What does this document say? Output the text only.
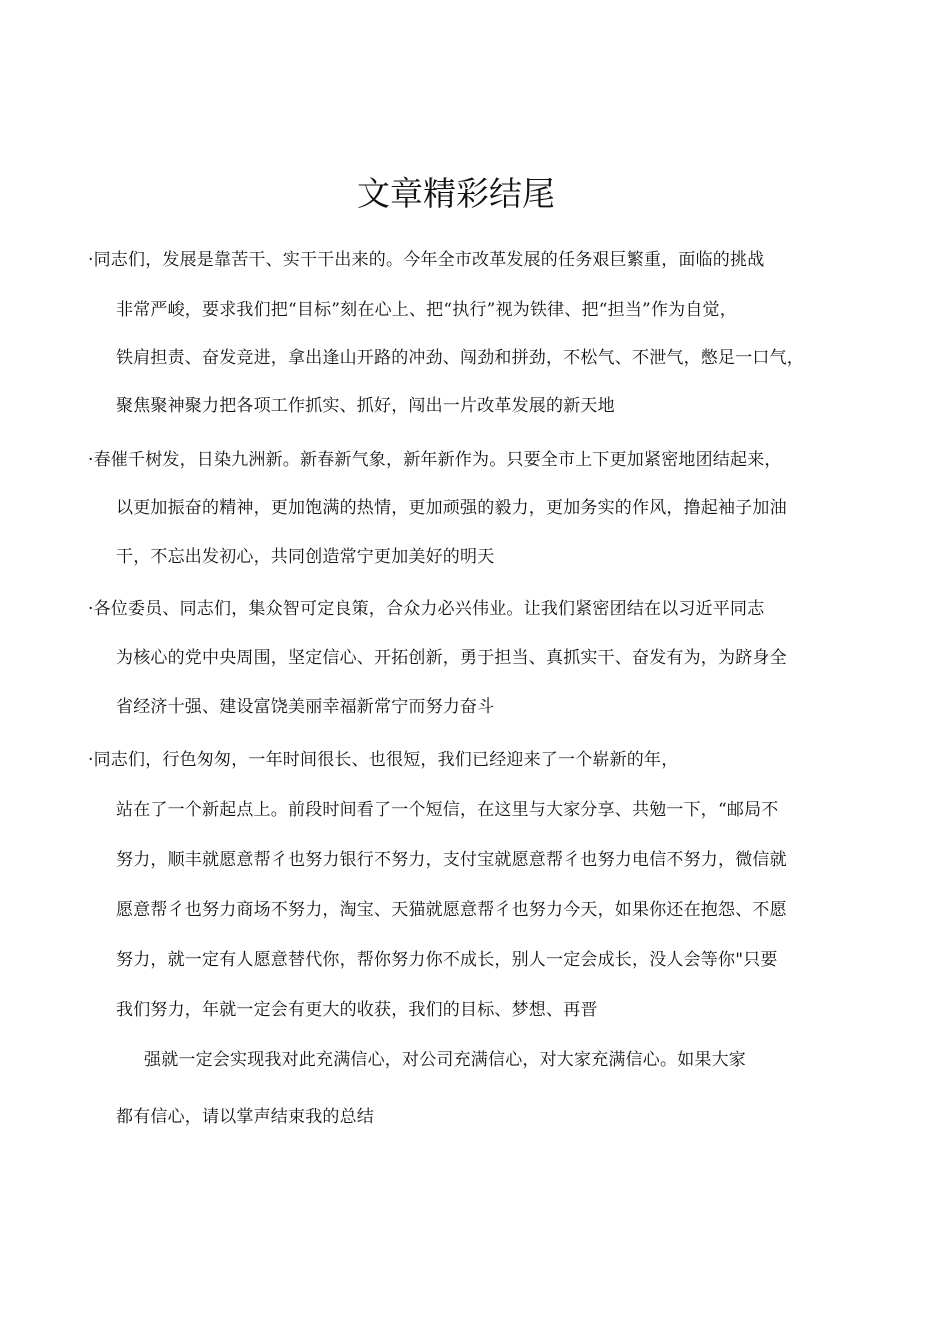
文章精彩结尾
·同志们，发展是靠苦干、实干干出来的。今年全市改革发展的任务艰巨繁重，面临的挑战
非常严峻，要求我们把“目标”刻在心上、把“执行”视为铁律、把“担当”作为自觉，
铁肩担责、奋发竞进，拿出逢山开路的冲劲、闯劲和拼劲，不松气、不泄气，憋足一口气，
聚焦聚神聚力把各项工作抓实、抓好，闯出一片改革发展的新天地
·春催千树发，日染九洲新。新春新气象，新年新作为。只要全市上下更加紧密地团结起来，
以更加振奋的精神，更加饱满的热情，更加顽强的毅力，更加务实的作风，撸起袖子加油
干，不忘出发初心，共同创造常宁更加美好的明天
·各位委员、同志们，集众智可定良策，合众力必兴伟业。让我们紧密团结在以习近平同志
为核心的党中央周围，坚定信心、开拓创新，勇于担当、真抓实干、奋发有为，为跻身全
省经济十强、建设富饶美丽幸福新常宁而努力奋斗
·同志们，行色匆匆，一年时间很长、也很短，我们已经迎来了一个崭新的年，
站在了一个新起点上。前段时间看了一个短信，在这里与大家分享、共勉一下，“邮局不
努力，顺丰就愿意帮彳也努力银行不努力，支付宝就愿意帮彳也努力电信不努力，微信就
愿意帮彳也努力商场不努力，淘宝、天猫就愿意帮彳也努力今天，如果你还在抱怨、不愿
努力，就一定有人愿意替代你，帮你努力你不成长，别人一定会成长，没人会等你"只要
我们努力，年就一定会有更大的收获，我们的目标、梦想、再晋
强就一定会实现我对此充满信心，对公司充满信心，对大家充满信心。如果大家
都有信心，请以掌声结束我的总结
